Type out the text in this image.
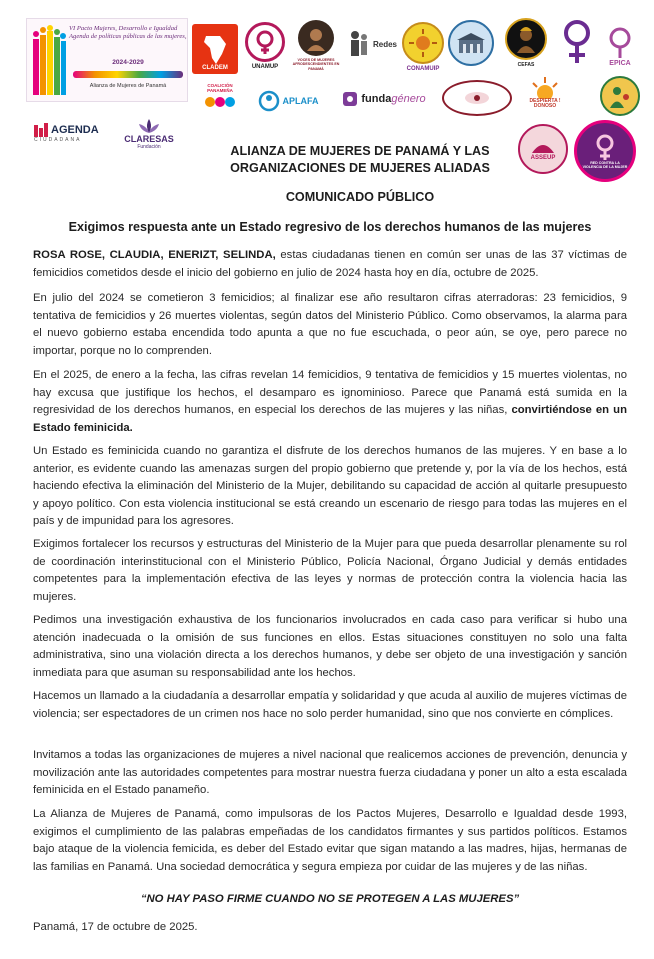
VI Pacto Mujeres, Desarrollo e Igualdad Agenda de políticas públicas de las mujeres,
2024-2029
Alianza de Mujeres de Panamá
CLADEM	UNAMUP
VOCES DE MUJERES AFRODESCENDIENTES EN PANAMÁ
Redes
CONAMUIP
CEFAS	EPICA
COALICIÓN PANAMEÑA
APLAFA	funda género	DESPIERTA ! DONOSO
AGENDA
CIUDADANA	CLARESAS
Fundación
ASSEUP
RED CONTRA LA VIOLENCIA DE LA MUJER
ALIANZA DE MUJERES DE PANAMÁ Y LAS
ORGANIZACIONES DE MUJERES ALIADAS
COMUNICADO PÚBLICO
Exigimos respuesta ante un Estado regresivo de los derechos humanos de las mujeres
ROSA ROSE, CLAUDIA, ENERIZT, SELINDA, estas ciudadanas tienen en común ser unas de las 37 víctimas de femicidios cometidos desde el inicio del gobierno en julio de 2024 hasta hoy en día, octubre de 2025.
En julio del 2024 se cometieron 3 femicidios; al finalizar ese año resultaron cifras aterradoras: 23 femicidios, 9 tentativa de femicidios y 26 muertes violentas, según datos del Ministerio Público. Como observamos, la alarma para el nuevo gobierno estaba encendida todo apunta a que no fue escuchada, o peor aún, se oye, pero parece no importar, porque no lo comprenden.
En el 2025, de enero a la fecha, las cifras revelan 14 femicidios, 9 tentativa de femicidios y 15 muertes violentas, no hay excusa que justifique los hechos, el desamparo es ignominioso. Parece que Panamá está sumida en la regresividad de los derechos humanos, en especial los derechos de las mujeres y las niñas, convirtiéndose en un Estado feminicida.
Un Estado es feminicida cuando no garantiza el disfrute de los derechos humanos de las mujeres. Y en base a lo anterior, es evidente cuando las amenazas surgen del propio gobierno que pretende y, por la vía de los hechos, está haciendo efectiva la eliminación del Ministerio de la Mujer, debilitando su capacidad de acción al quitarle presupuesto y apoyo político. Con esta violencia institucional se está creando un escenario de riesgo para todas las mujeres en el país y de impunidad para los agresores.
Exigimos fortalecer los recursos y estructuras del Ministerio de la Mujer para que pueda desarrollar plenamente su rol de coordinación interinstitucional con el Ministerio Público, Policía Nacional, Órgano Judicial y demás entidades competentes para la implementación efectiva de las leyes y normas de protección contra la violencia hacia las mujeres.
Pedimos una investigación exhaustiva de los funcionarios involucrados en cada caso para verificar si hubo una atención inadecuada o la omisión de sus funciones en ellos. Estas situaciones constituyen no solo una falta administrativa, sino una violación directa a los derechos humanos, y debe ser objeto de una investigación y sanción inmediata para que asuman su responsabilidad ante los hechos.
Hacemos un llamado a la ciudadanía a desarrollar empatía y solidaridad y que acuda al auxilio de mujeres víctimas de violencia; ser espectadores de un crimen nos hace no solo perder humanidad, sino que nos convierte en cómplices.
Invitamos a todas las organizaciones de mujeres a nivel nacional que realicemos acciones de prevención, denuncia y movilización ante las autoridades competentes para mostrar nuestra fuerza ciudadana y poner un alto a esta escalada feminicida en el Estado panameño.
La Alianza de Mujeres de Panamá, como impulsoras de los Pactos Mujeres, Desarrollo e Igualdad desde 1993, exigimos el cumplimiento de las palabras empeñadas de los candidatos firmantes y sus partidos políticos. Estamos bajo ataque de la violencia femicida, es deber del Estado evitar que sigan matando a las madres, hijas, hermanas de las familias en Panamá. Una sociedad democrática y segura empieza por cuidar de las mujeres y de las niñas.
“NO HAY PASO FIRME CUANDO NO SE PROTEGEN A LAS MUJERES”
Panamá, 17 de octubre de 2025.
